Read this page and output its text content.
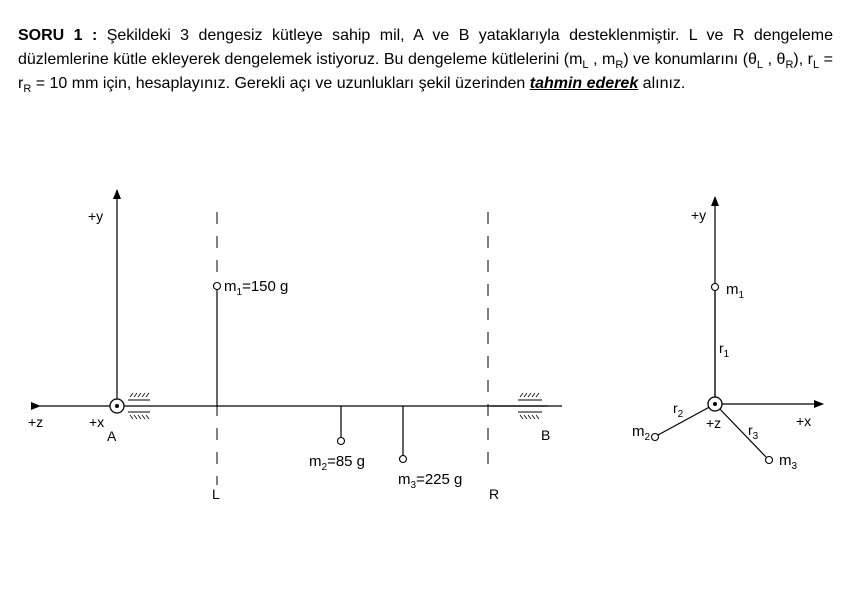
SORU 1 : Şekildeki 3 dengesiz kütleye sahip mil, A ve B yataklarıyla desteklenmiştir. L ve R dengeleme düzlemlerine kütle ekleyerek dengelemek istiyoruz. Bu dengeleme kütlelerini ($m_L$ , $m_R$) ve konumlarını ($\theta_L$ , $\theta_R$), $r_L = r_R = 10$ mm için, hesaplayınız. Gerekli açı ve uzunlukları şekil üzerinden tahmin ederek alınız.
+y
+z	+x
A	B
L	R
$m_1=150$ g
$m_2=85$ g
$m_3=225$ g
+y
+z	+x
$m_1$
$m_2$
$m_3$
$r_1$
$r_2$
$r_3$
